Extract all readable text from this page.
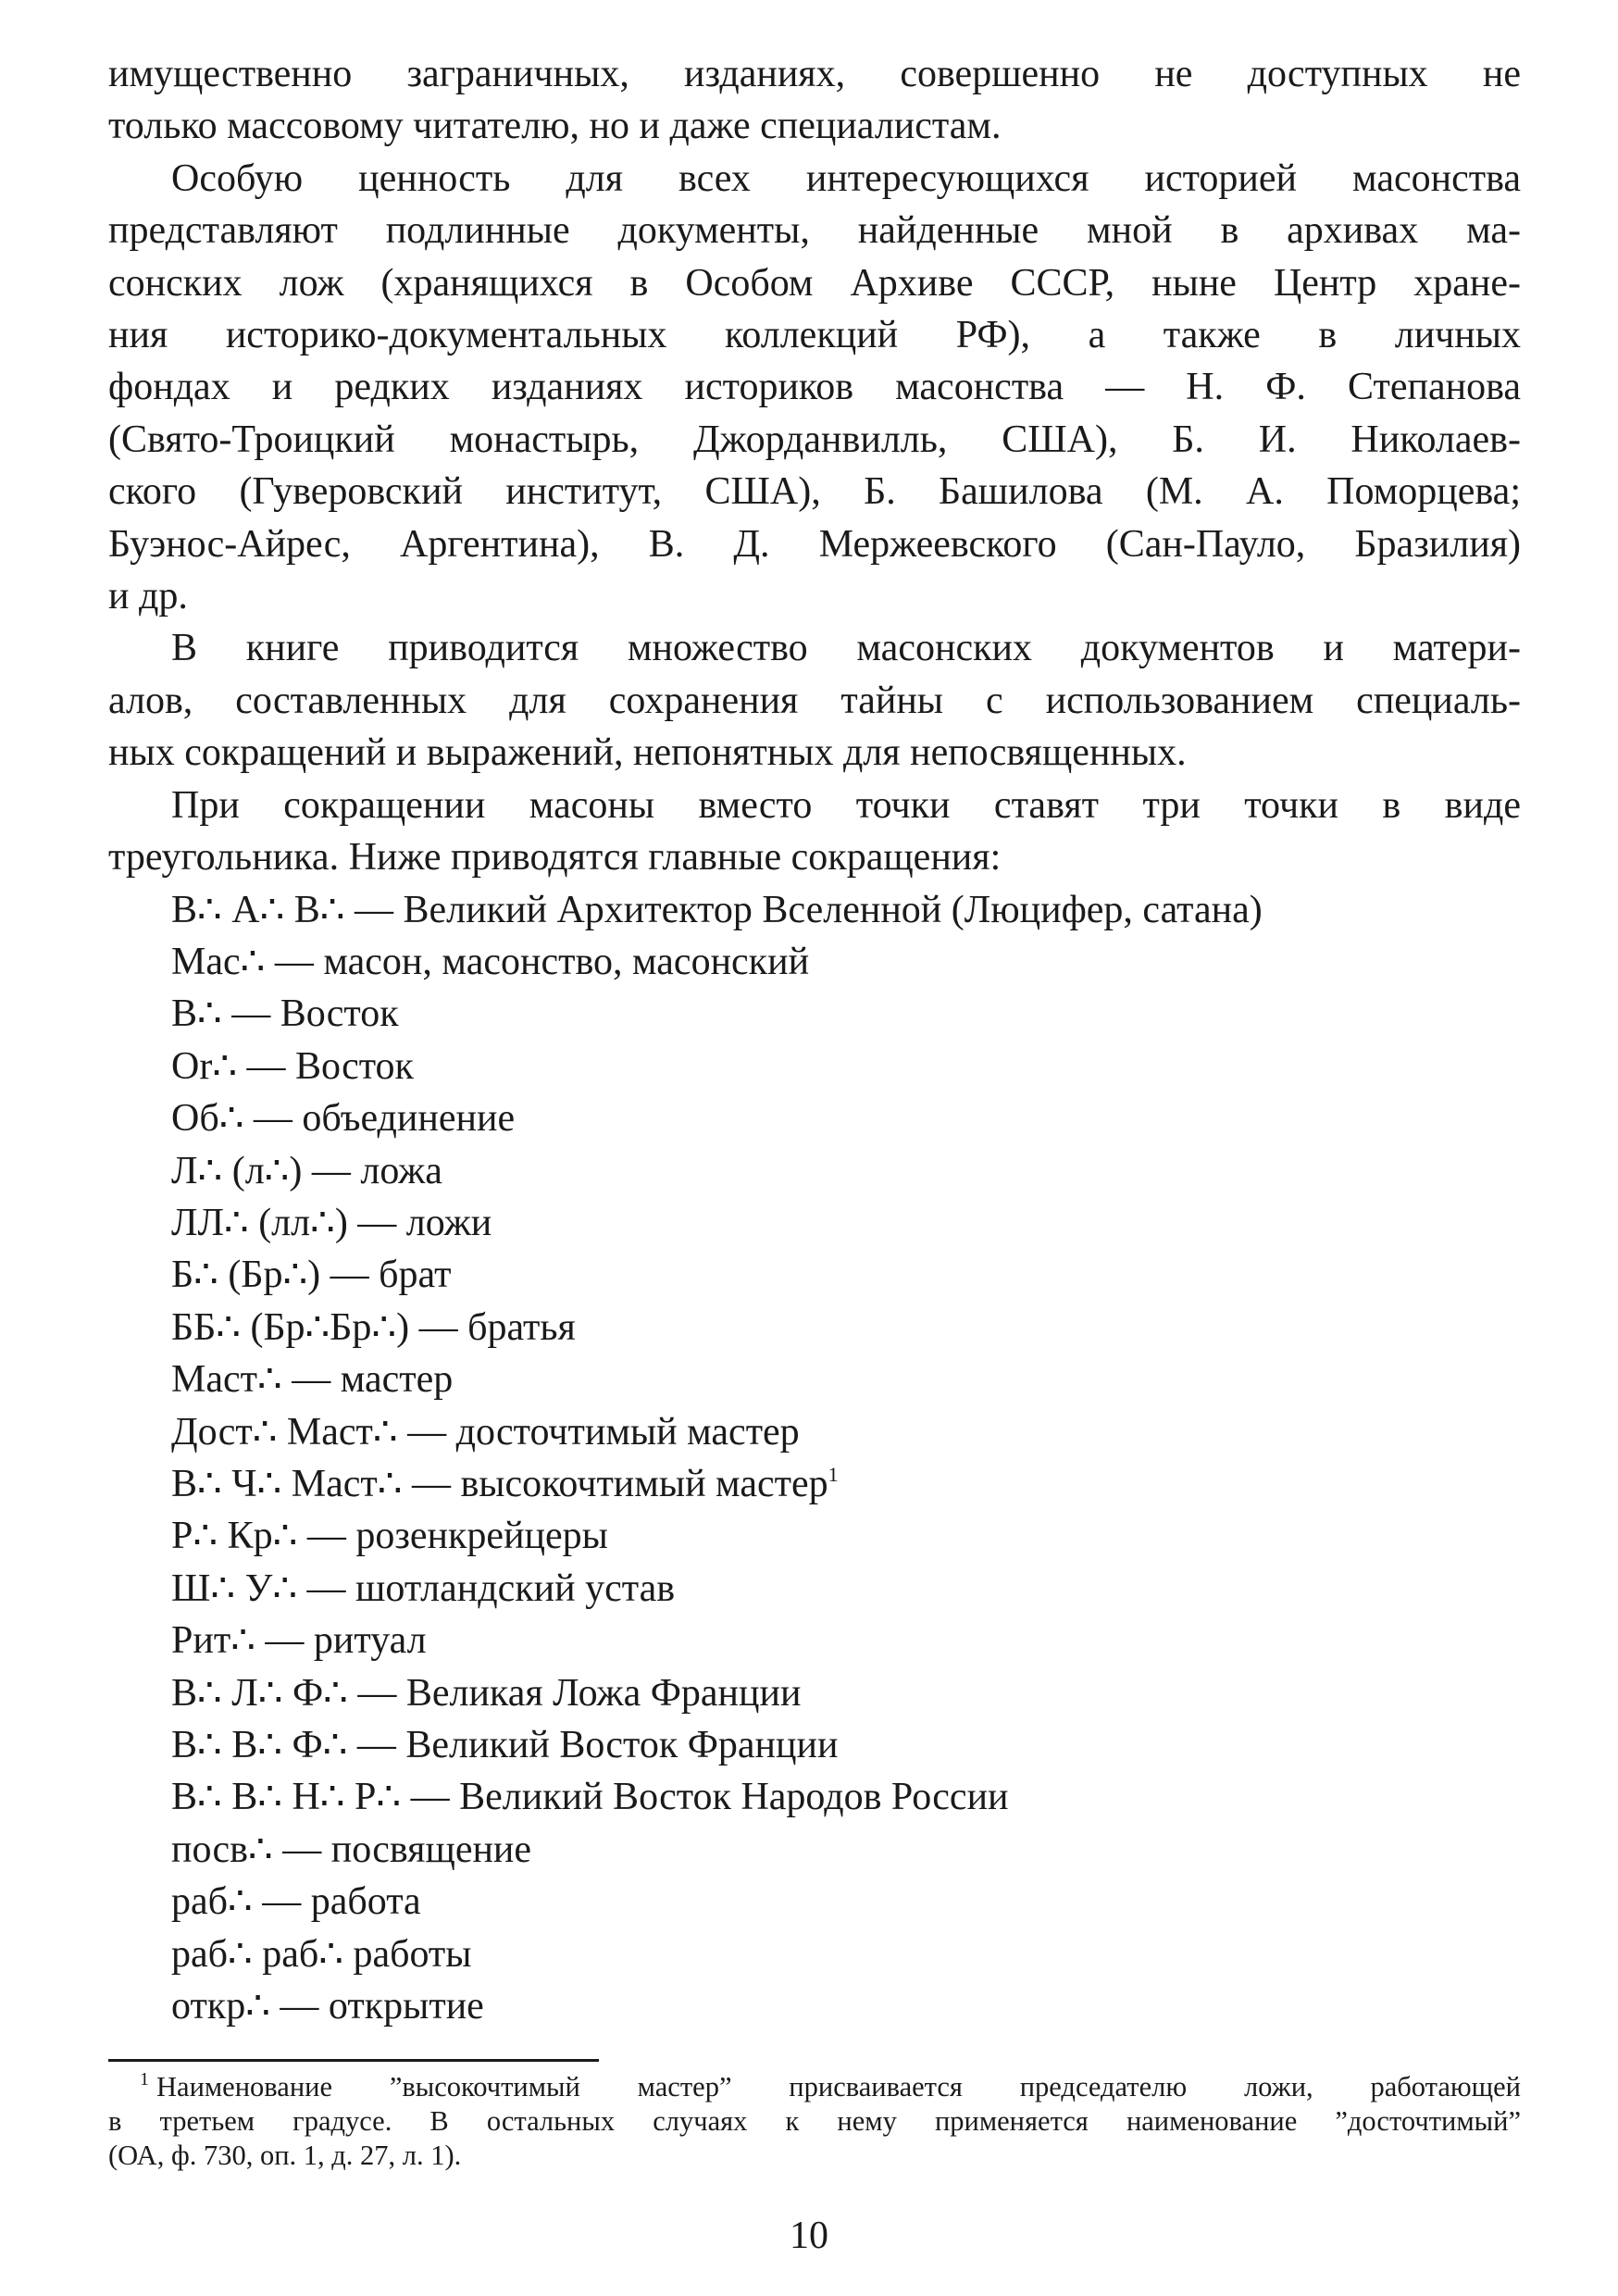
имущественно заграничных, изданиях, совершенно не доступных не
только массовому читателю, но и даже специалистам.

Особую ценность для всех интересующихся историей масонства
представляют подлинные документы, найденные мной в архивах ма-
сонских лож (хранящихся в Особом Архиве СССР, ныне Центр хране-
ния историко-документальных коллекций РФ), а также в личных
фондах и редких изданиях историков масонства — Н. Ф. Степанова
(Свято-Троицкий монастырь, Джорданвилль, США), Б. И. Николаев-
ского (Гуверовский институт, США), Б. Башилова (М. А. Поморцева;
Буэнос-Айрес, Аргентина), В. Д. Мержеевского (Сан-Пауло, Бразилия)
и др.

В книге приводится множество масонских документов и матери-
алов, составленных для сохранения тайны с использованием специаль-
ных сокращений и выражений, непонятных для непосвященных.

При сокращении масоны вместо точки ставят три точки в виде
треугольника. Ниже приводятся главные сокращения:

В∴ А∴ В∴ — Великий Архитектор Вселенной (Люцифер, сатана)
Мас∴ — масон, масонство, масонский
В∴ — Восток
Or∴ — Восток
Об∴ — объединение
Л∴ (л∴) — ложа
ЛЛ∴ (лл∴) — ложи
Б∴ (Бр∴) — брат
ББ∴ (Бр∴Бр∴) — братья
Маст∴ — мастер
Дост∴ Маст∴ — досточтимый мастер
В∴ Ч∴ Маст∴ — высокочтимый мастер$^1$
Р∴ Кр∴ — розенкрейцеры
Ш∴ У∴ — шотландский устав
Рит∴ — ритуал
В∴ Л∴ Ф∴ — Великая Ложа Франции
В∴ В∴ Ф∴ — Великий Восток Франции
В∴ В∴ Н∴ Р∴ — Великий Восток Народов России
посв∴ — посвящение
раб∴ — работа
раб∴ раб∴ работы
откр∴ — открытие
$^1$ Наименование ”высокочтимый мастер” присваивается председателю ложи, работающей
в третьем градусе. В остальных случаях к нему применяется наименование ”досточтимый”
(ОА, ф. 730, оп. 1, д. 27, л. 1).
10
